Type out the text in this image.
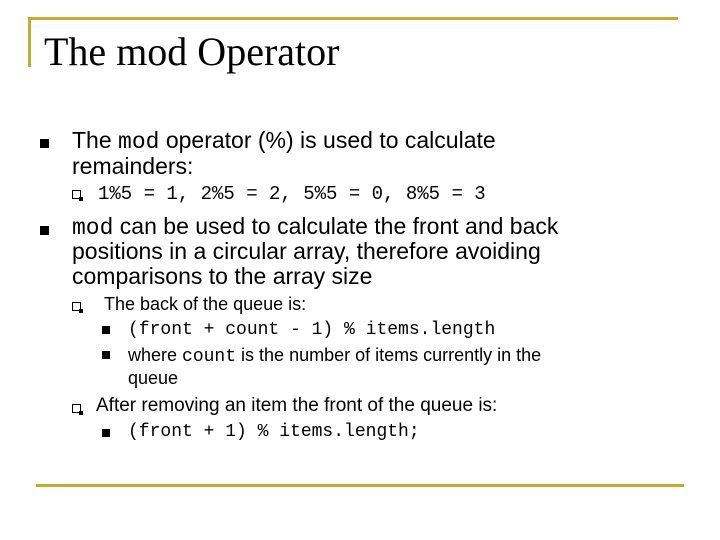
The mod Operator
The mod operator (%) is used to calculate
remainders:
1%5 = 1, 2%5 = 2, 5%5 = 0, 8%5 = 3
mod can be used to calculate the front and back
positions in a circular array, therefore avoiding
comparisons to the array size
The back of the queue is:
(front + count - 1) % items.length
where count is the number of items currently in the
queue
After removing an item the front of the queue is:
(front + 1) % items.length;
